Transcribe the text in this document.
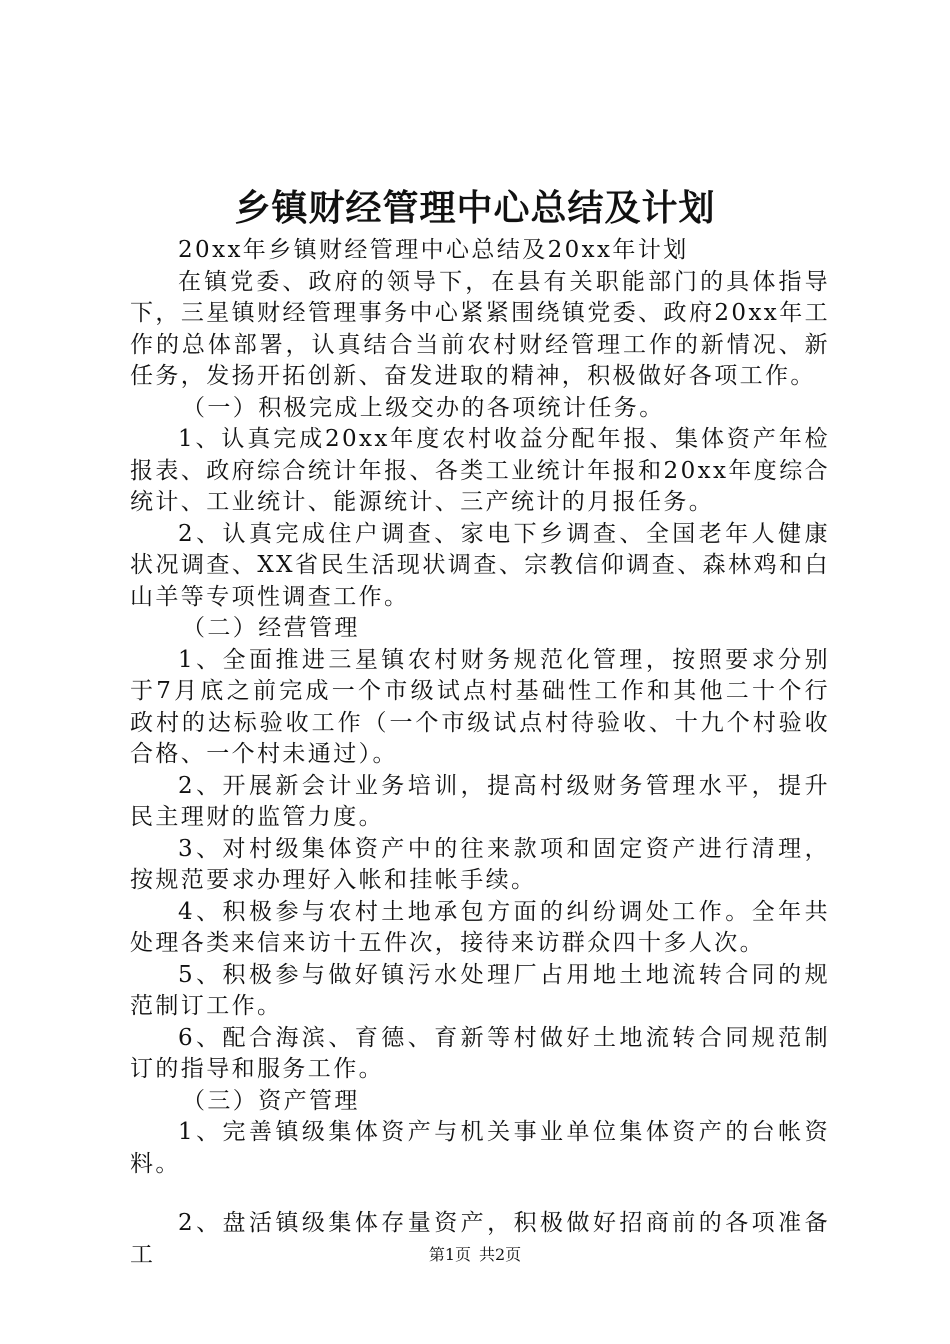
乡镇财经管理中心总结及计划

20xx年乡镇财经管理中心总结及20xx年计划

在镇党委、政府的领导下，在县有关职能部门的具体指导下，三星镇财经管理事务中心紧紧围绕镇党委、政府20xx年工作的总体部署，认真结合当前农村财经管理工作的新情况、新任务，发扬开拓创新、奋发进取的精神，积极做好各项工作。

（一）积极完成上级交办的各项统计任务。

1、认真完成20xx年度农村收益分配年报、集体资产年检报表、政府综合统计年报、各类工业统计年报和20xx年度综合统计、工业统计、能源统计、三产统计的月报任务。

2、认真完成住户调查、家电下乡调查、全国老年人健康状况调查、XX省民生活现状调查、宗教信仰调查、森林鸡和白山羊等专项性调查工作。

（二）经营管理

1、全面推进三星镇农村财务规范化管理，按照要求分别于7月底之前完成一个市级试点村基础性工作和其他二十个行政村的达标验收工作（一个市级试点村待验收、十九个村验收合格、一个村未通过）。

2、开展新会计业务培训，提高村级财务管理水平，提升民主理财的监管力度。

3、对村级集体资产中的往来款项和固定资产进行清理，按规范要求办理好入帐和挂帐手续。

4、积极参与农村土地承包方面的纠纷调处工作。全年共处理各类来信来访十五件次，接待来访群众四十多人次。

5、积极参与做好镇污水处理厂占用地土地流转合同的规范制订工作。

6、配合海滨、育德、育新等村做好土地流转合同规范制订的指导和服务工作。

（三）资产管理

1、完善镇级集体资产与机关事业单位集体资产的台帐资料。

2、盘活镇级集体存量资产，积极做好招商前的各项准备工	第1页 共2页
